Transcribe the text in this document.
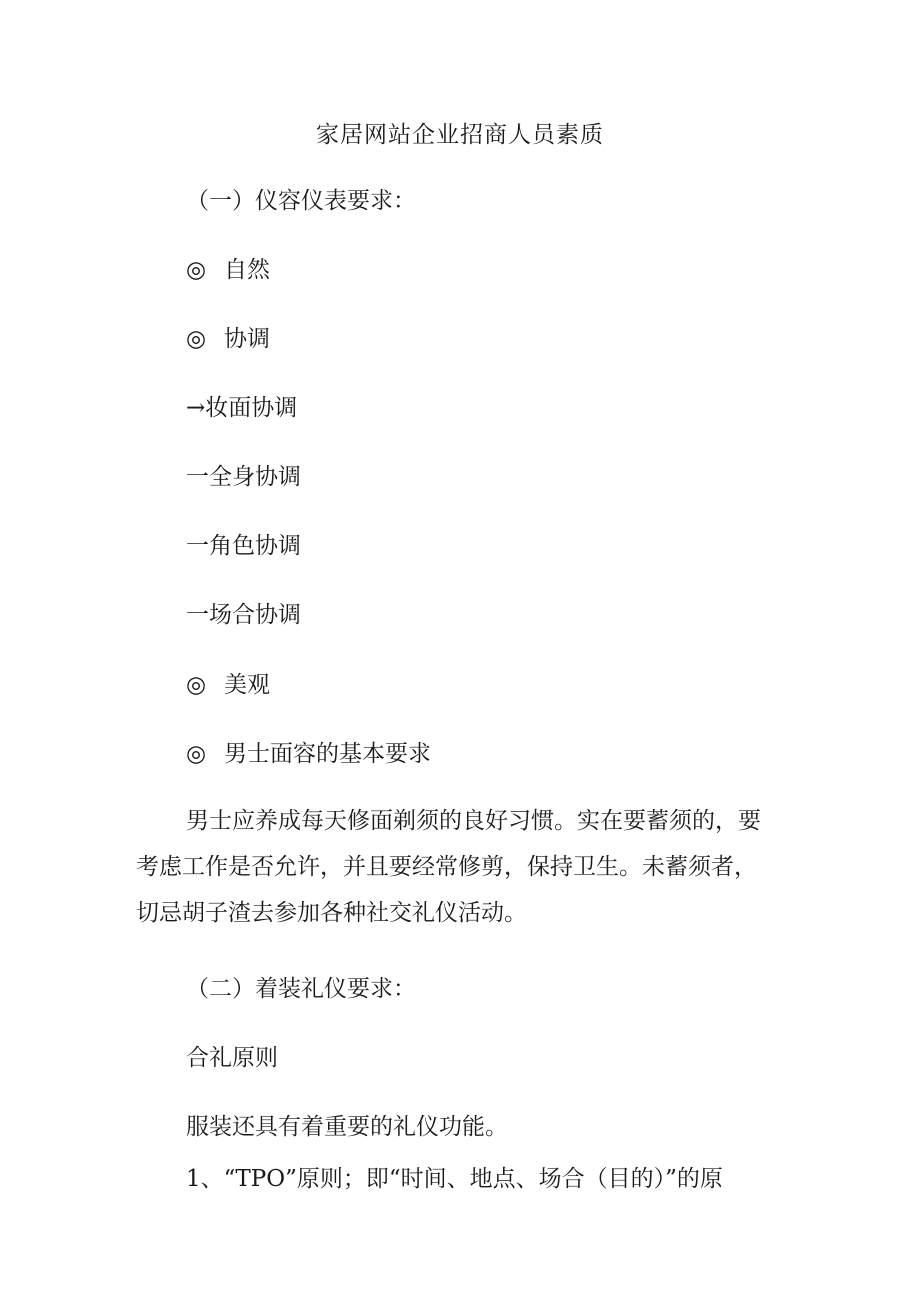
家居网站企业招商人员素质
（一）仪容仪表要求：
◎ 自然
◎ 协调
→妆面协调
一全身协调
一角色协调
一场合协调
◎ 美观
◎ 男士面容的基本要求
男士应养成每天修面剃须的良好习惯。实在要蓄须的，要
考虑工作是否允许，并且要经常修剪，保持卫生。未蓄须者，
切忌胡子渣去参加各种社交礼仪活动。
（二）着装礼仪要求：
合礼原则
服装还具有着重要的礼仪功能。
1、“TPO”原则；即“时间、地点、场合（目的）”的原
